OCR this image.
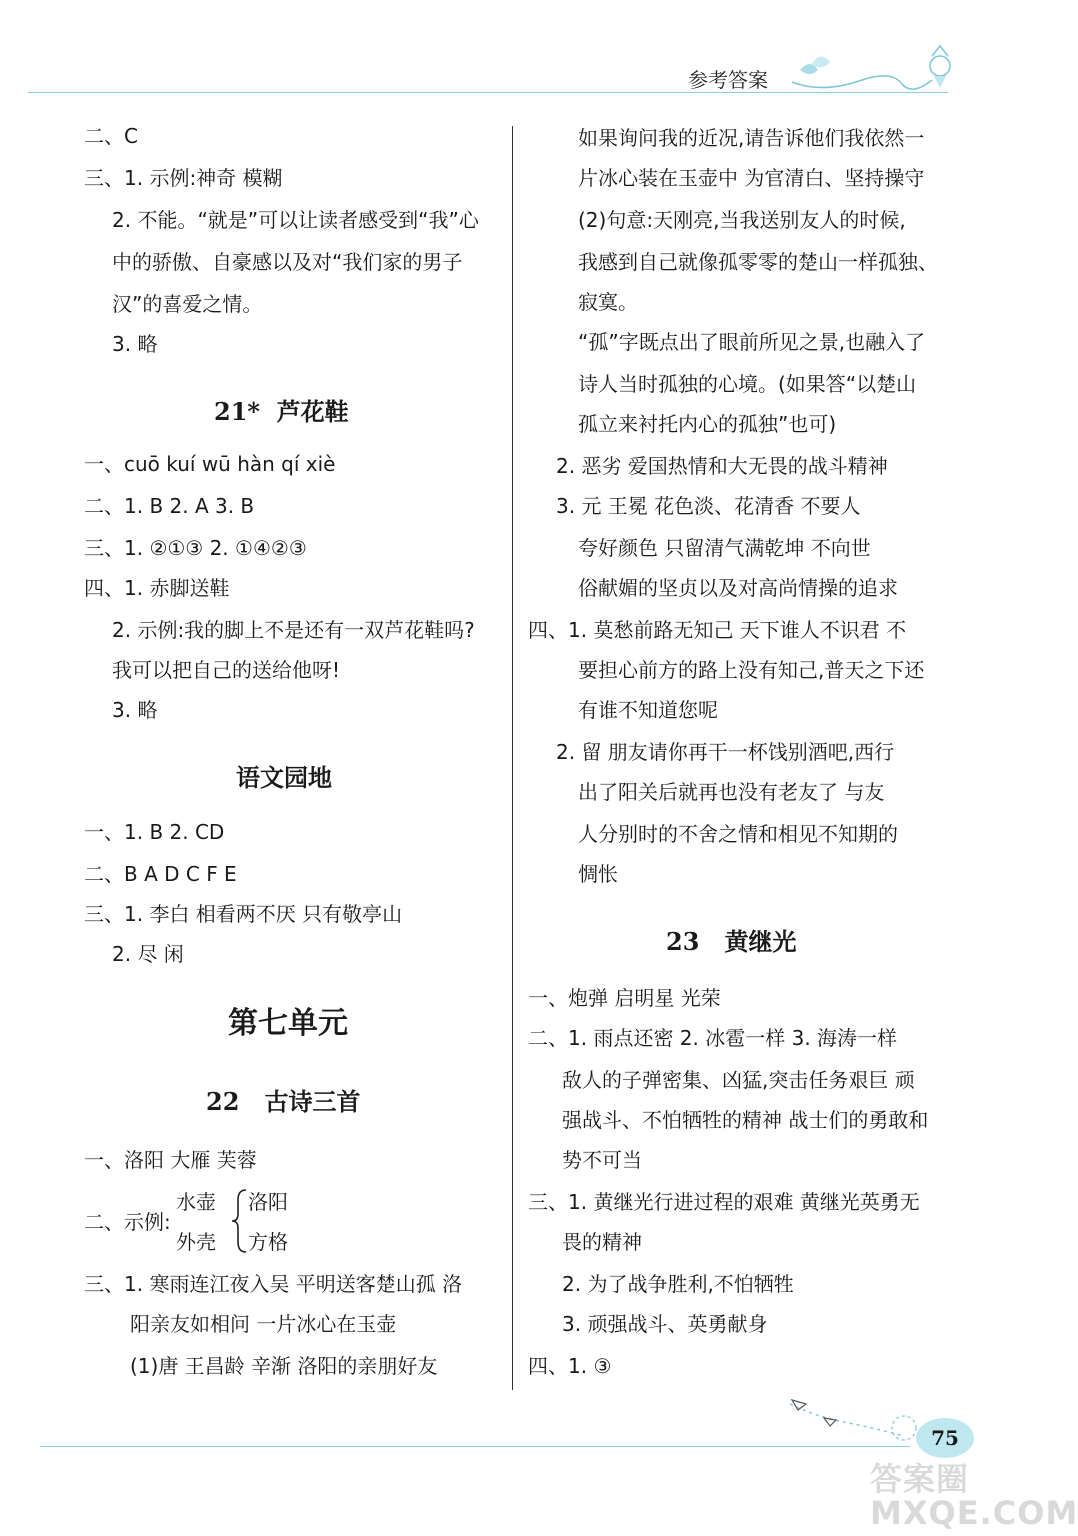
参考答案
二、C
三、1. 示例:神奇 模糊
2. 不能。“就是”可以让读者感受到“我”心
中的骄傲、自豪感以及对“我们家的男子
汉”的喜爱之情。
3. 略
21*  芦花鞋
一、cuō kuí wū hàn qí xiè
二、1. B 2. A 3. B
三、1. ②①③ 2. ①④②③
四、1. 赤脚送鞋
2. 示例:我的脚上不是还有一双芦花鞋吗?
我可以把自己的送给他呀!
3. 略
语文园地
一、1. B 2. CD
二、B A D C F E
三、1. 李白 相看两不厌 只有敬亭山
2. 尽 闲
第七单元
22   古诗三首
一、洛阳 大雁 芙蓉
二、示例:
水壶
外壳
洛阳
方格
三、1. 寒雨连江夜入吴 平明送客楚山孤 洛
阳亲友如相问 一片冰心在玉壶
(1)唐 王昌龄 辛渐 洛阳的亲朋好友
如果询问我的近况,请告诉他们我依然一
片冰心装在玉壶中 为官清白、坚持操守
(2)句意:天刚亮,当我送别友人的时候,
我感到自己就像孤零零的楚山一样孤独、
寂寞。
“孤”字既点出了眼前所见之景,也融入了
诗人当时孤独的心境。(如果答“以楚山
孤立来衬托内心的孤独”也可)
2. 恶劣 爱国热情和大无畏的战斗精神
3. 元 王冕 花色淡、花清香 不要人
夸好颜色 只留清气满乾坤 不向世
俗献媚的坚贞以及对高尚情操的追求
四、1. 莫愁前路无知己 天下谁人不识君 不
要担心前方的路上没有知己,普天之下还
有谁不知道您呢
2. 留 朋友请你再干一杯饯别酒吧,西行
出了阳关后就再也没有老友了 与友
人分别时的不舍之情和相见不知期的
惆怅
23   黄继光
一、炮弹 启明星 光荣
二、1. 雨点还密 2. 冰雹一样 3. 海涛一样
敌人的子弹密集、凶猛,突击任务艰巨 顽
强战斗、不怕牺牲的精神 战士们的勇敢和
势不可当
三、1. 黄继光行进过程的艰难 黄继光英勇无
畏的精神
2. 为了战争胜利,不怕牺牲
3. 顽强战斗、英勇献身
四、1. ③
75
答案圈
MXQE.COM
